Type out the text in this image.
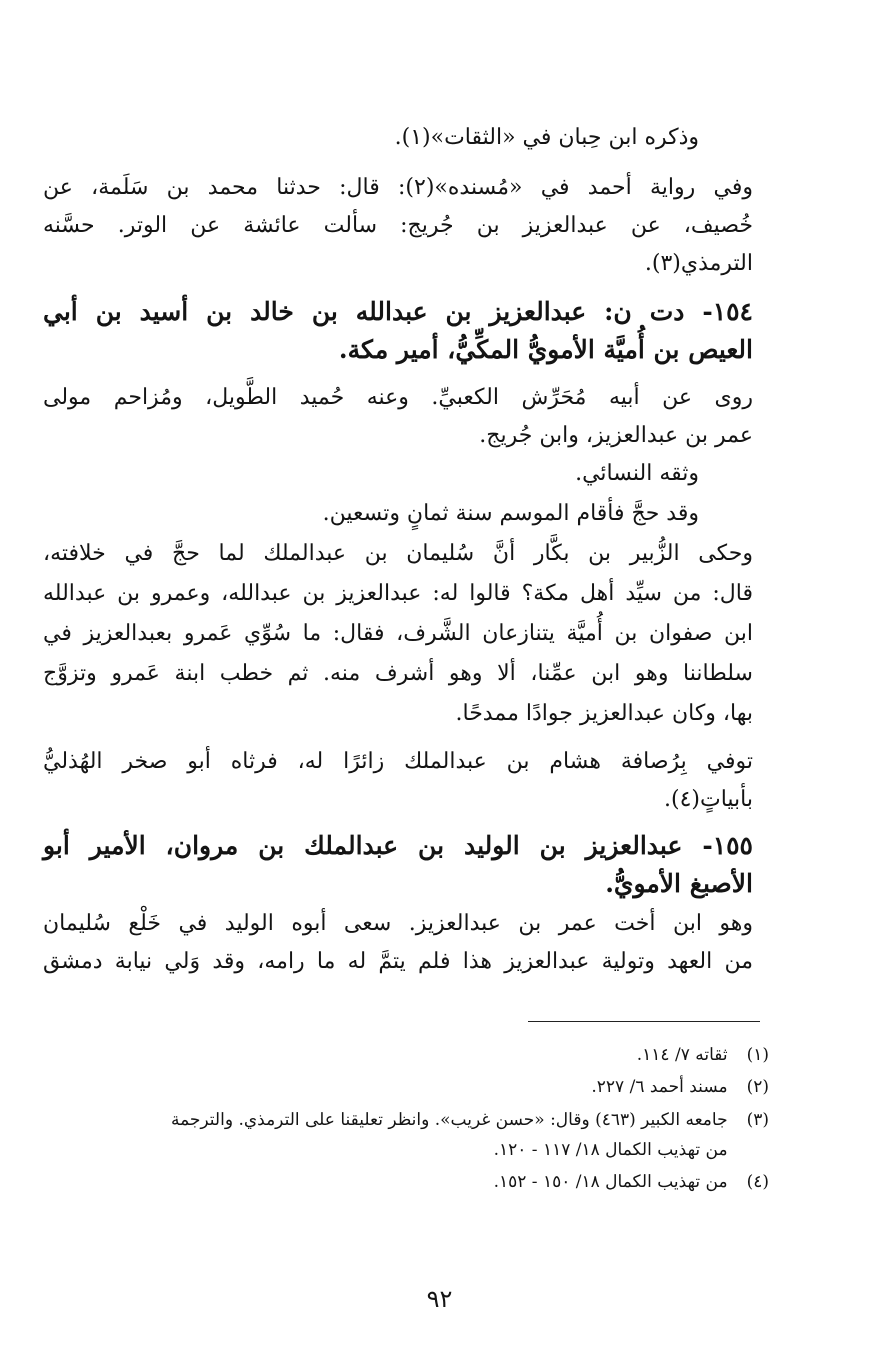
وذكره ابن حِبان في «الثقات»(١).
وفي رواية أحمد في «مُسنده»(٢): قال: حدثنا محمد بن سَلَمة، عن
خُصيف، عن عبدالعزيز بن جُريج: سألت عائشة عن الوتر. حسَّنه
الترمذي(٣).
١٥٤- دت ن: عبدالعزيز بن عبدالله بن خالد بن أسيد بن أبي
العيص بن أُميَّة الأمويُّ المكِّيُّ، أمير مكة.
روى عن أبيه مُحَرِّش الكعبيِّ. وعنه حُميد الطَّويل، ومُزاحم مولى
عمر بن عبدالعزيز، وابن جُريج.
وثقه النسائي.
وقد حجَّ فأقام الموسم سنة ثمانٍ وتسعين.
وحكى الزُّبير بن بكَّار أنَّ سُليمان بن عبدالملك لما حجَّ في خلافته،
قال: من سيِّد أهل مكة؟ قالوا له: عبدالعزيز بن عبدالله، وعمرو بن عبدالله
ابن صفوان بن أُميَّة يتنازعان الشَّرف، فقال: ما سُوِّي عَمرو بعبدالعزيز في
سلطاننا وهو ابن عمِّنا، ألا وهو أشرف منه. ثم خطب ابنة عَمرو وتزوَّج
بها، وكان عبدالعزيز جوادًا ممدحًا.
توفي بِرُصافة هشام بن عبدالملك زائرًا له، فرثاه أبو صخر الهُذليُّ
بأبياتٍ(٤).
١٥٥- عبدالعزيز بن الوليد بن عبدالملك بن مروان، الأمير أبو
الأصبغ الأمويُّ.
وهو ابن أخت عمر بن عبدالعزيز. سعى أبوه الوليد في خَلْع سُليمان
من العهد وتولية عبدالعزيز هذا فلم يتمَّ له ما رامه، وقد وَلي نيابة دمشق
(١) ثقاته ٧/ ١١٤.
(٢) مسند أحمد ٦/ ٢٢٧.
(٣) جامعه الكبير (٤٦٣) وقال: «حسن غريب». وانظر تعليقنا على الترمذي. والترجمة
من تهذيب الكمال ١٨/ ١١٧ - ١٢٠.
(٤) من تهذيب الكمال ١٨/ ١٥٠ - ١٥٢.
٩٢
